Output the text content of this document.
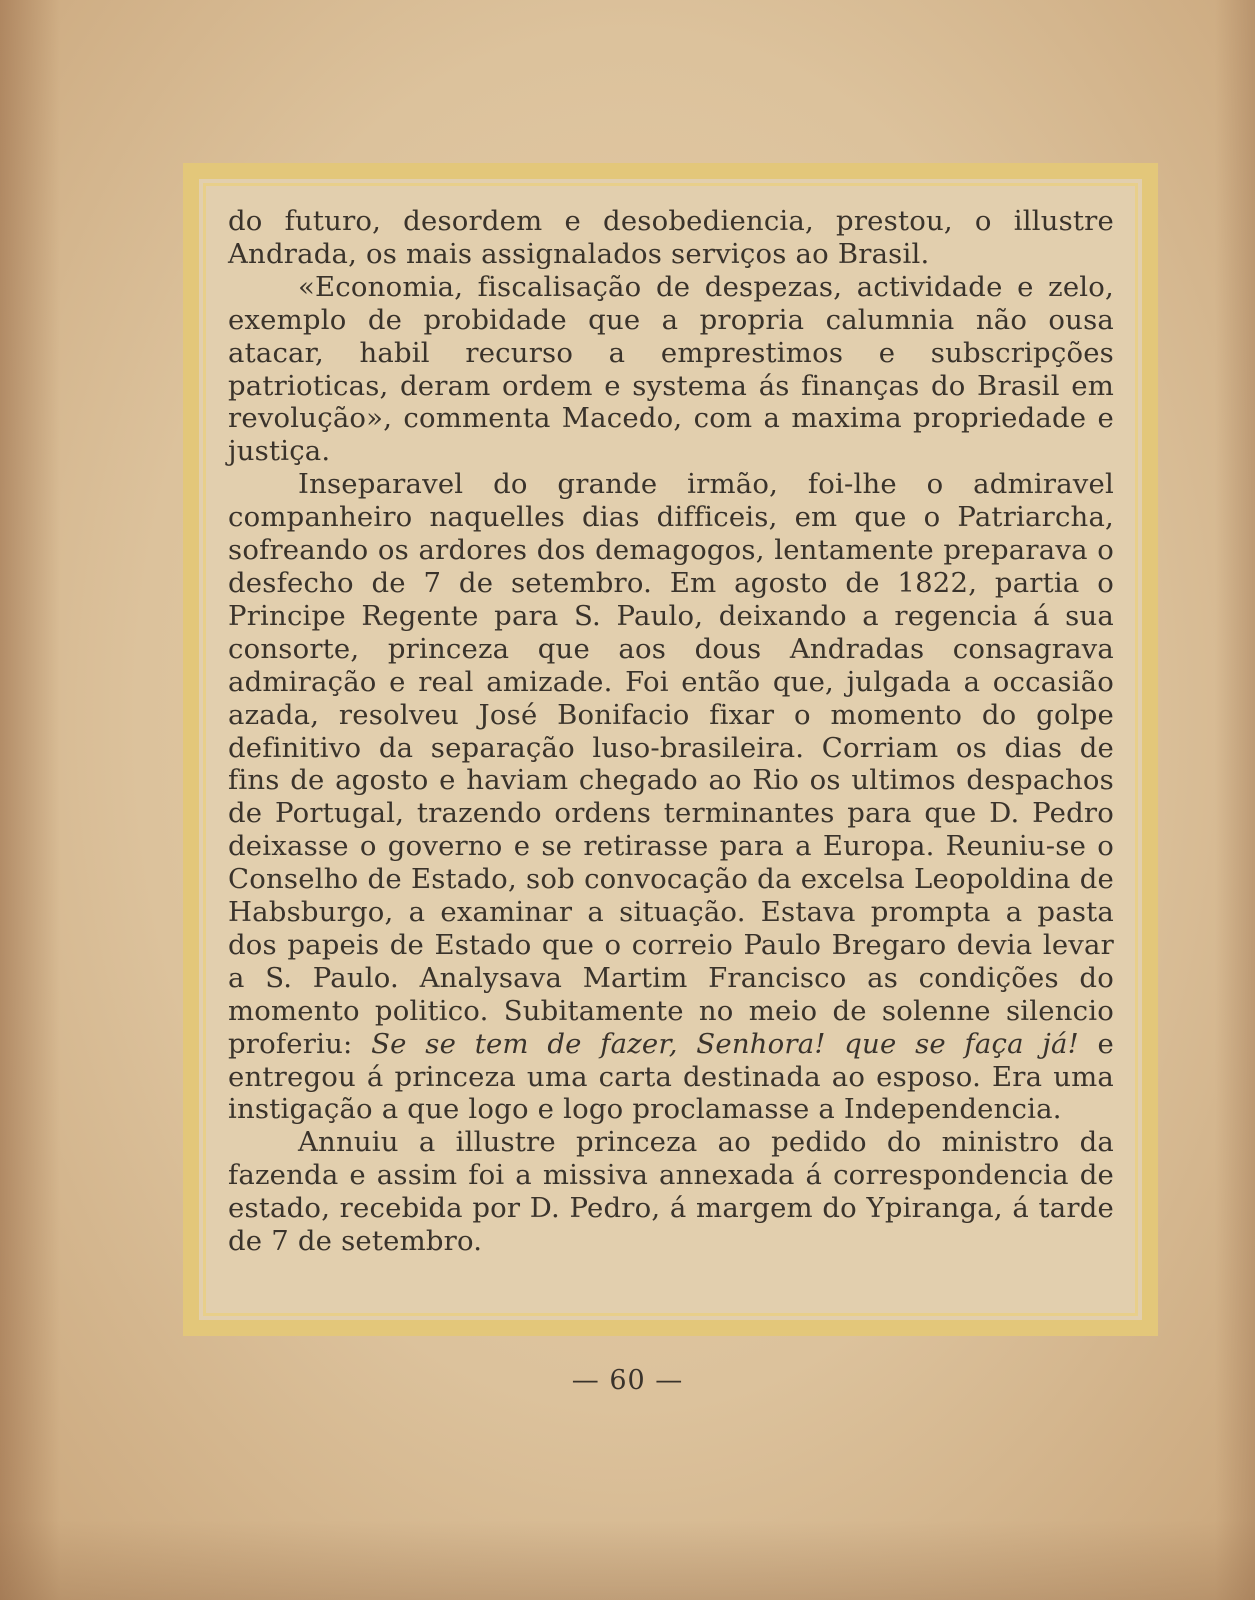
do futuro, desordem e desobediencia, prestou, o illustre Andrada, os mais assignalados serviços ao Brasil.

«Economia, fiscalisação de despezas, actividade e zelo, exemplo de probidade que a propria calumnia não ousa atacar, habil recurso a emprestimos e subscripções patrioticas, deram ordem e systema ás finanças do Brasil em revolução», commenta Macedo, com a maxima propriedade e justiça.

Inseparavel do grande irmão, foi-lhe o admiravel companheiro naquelles dias difficeis, em que o Patriarcha, sofreando os ardores dos demagogos, lentamente preparava o desfecho de 7 de setembro. Em agosto de 1822, partia o Principe Regente para S. Paulo, deixando a regencia á sua consorte, princeza que aos dous Andradas consagrava admiração e real amizade. Foi então que, julgada a occasião azada, resolveu José Bonifacio fixar o momento do golpe definitivo da separação luso-brasileira. Corriam os dias de fins de agosto e haviam chegado ao Rio os ultimos despachos de Portugal, trazendo ordens terminantes para que D. Pedro deixasse o governo e se retirasse para a Europa. Reuniu-se o Conselho de Estado, sob convocação da excelsa Leopoldina de Habsburgo, a examinar a situação. Estava prompta a pasta dos papeis de Estado que o correio Paulo Bregaro devia levar a S. Paulo. Analysava Martim Francisco as condições do momento politico. Subitamente no meio de solenne silencio proferiu: Se se tem de fazer, Senhora! que se faça já! e entregou á princeza uma carta destinada ao esposo. Era uma instigação a que logo e logo proclamasse a Independencia.

Annuiu a illustre princeza ao pedido do ministro da fazenda e assim foi a missiva annexada á correspondencia de estado, recebida por D. Pedro, á margem do Ypiranga, á tarde de 7 de setembro.

— 60 —
